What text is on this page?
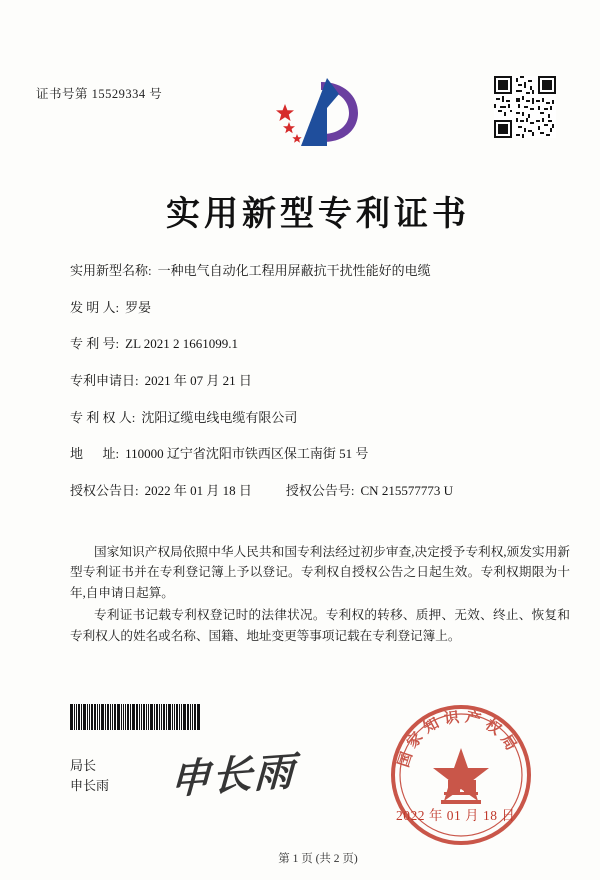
证书号第 15529334 号
实用新型专利证书
实用新型名称: 一种电气自动化工程用屏蔽抗干扰性能好的电缆
发 明 人: 罗晏
专 利 号: ZL 2021 2 1661099.1
专利申请日: 2021 年 07 月 21 日
专 利 权 人: 沈阳辽缆电线电缆有限公司
地      址: 110000 辽宁省沈阳市铁西区保工南街 51 号
授权公告日: 2022 年 01 月 18 日	授权公告号: CN 215577773 U

国家知识产权局依照中华人民共和国专利法经过初步审查,决定授予专利权,颁发实用新型专利证书并在专利登记簿上予以登记。专利权自授权公告之日起生效。专利权期限为十年,自申请日起算。

专利证书记载专利权登记时的法律状况。专利权的转移、质押、无效、终止、恢复和专利权人的姓名或名称、国籍、地址变更等事项记载在专利登记簿上。

局长
申长雨 申长雨	国家知识产权局
2022 年 01 月 18 日
第 1 页 (共 2 页)
